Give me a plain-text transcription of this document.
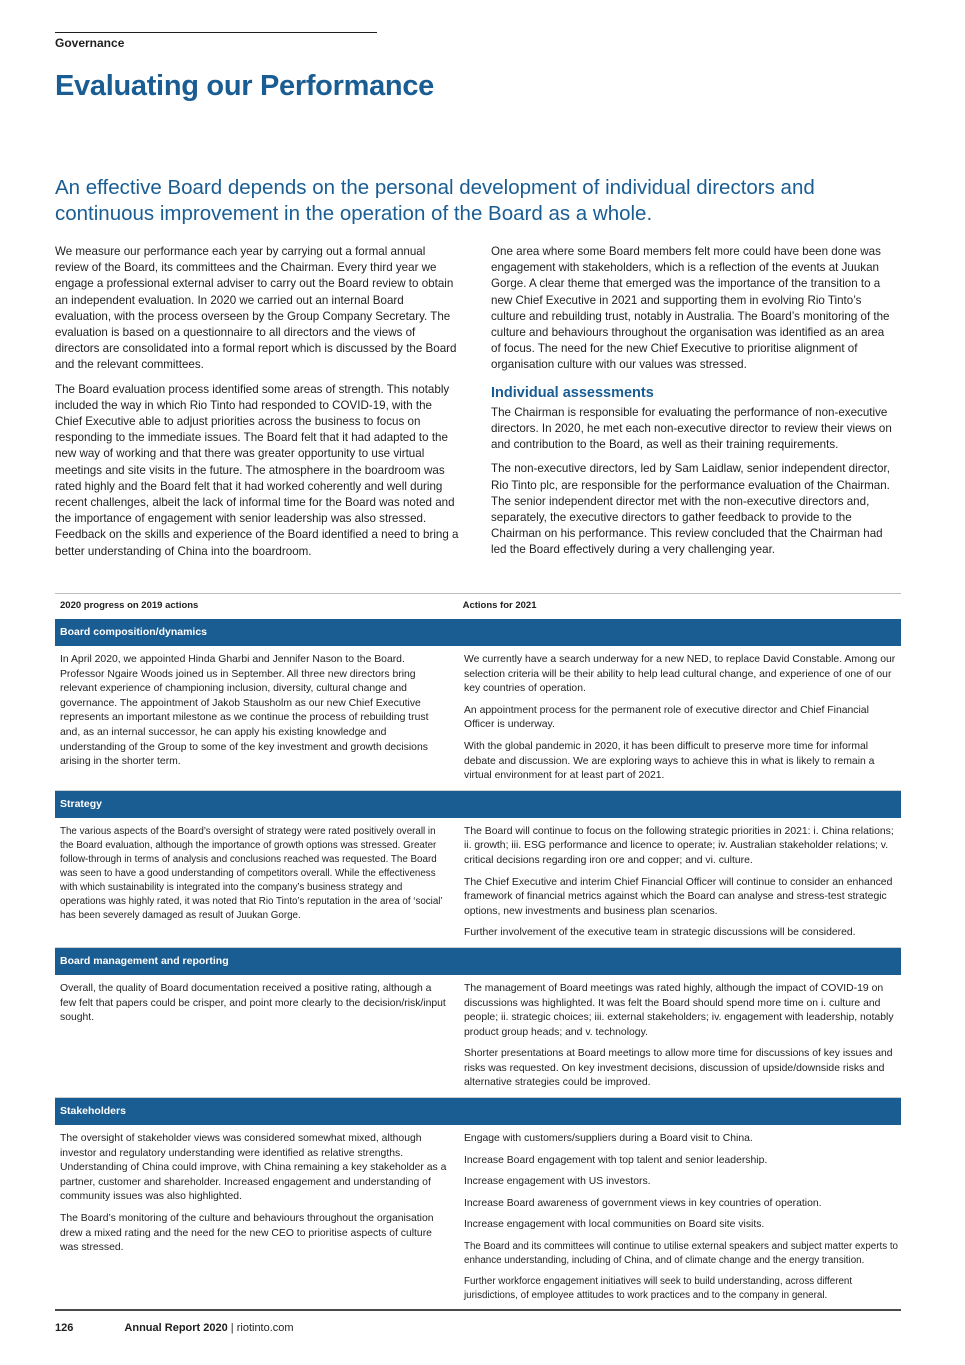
Governance
Evaluating our Performance
An effective Board depends on the personal development of individual directors and continuous improvement in the operation of the Board as a whole.

We measure our performance each year by carrying out a formal annual review of the Board, its committees and the Chairman. Every third year we engage a professional external adviser to carry out the Board review to obtain an independent evaluation. In 2020 we carried out an internal Board evaluation, with the process overseen by the Group Company Secretary. The evaluation is based on a questionnaire to all directors and the views of directors are consolidated into a formal report which is discussed by the Board and the relevant committees.

The Board evaluation process identified some areas of strength. This notably included the way in which Rio Tinto had responded to COVID-19, with the Chief Executive able to adjust priorities across the business to focus on responding to the immediate issues. The Board felt that it had adapted to the new way of working and that there was greater opportunity to use virtual meetings and site visits in the future. The atmosphere in the boardroom was rated highly and the Board felt that it had worked coherently and well during recent challenges, albeit the lack of informal time for the Board was noted and the importance of engagement with senior leadership was also stressed. Feedback on the skills and experience of the Board identified a need to bring a better understanding of China into the boardroom.

One area where some Board members felt more could have been done was engagement with stakeholders, which is a reflection of the events at Juukan Gorge. A clear theme that emerged was the importance of the transition to a new Chief Executive in 2021 and supporting them in evolving Rio Tinto’s culture and rebuilding trust, notably in Australia. The Board’s monitoring of the culture and behaviours throughout the organisation was identified as an area of focus. The need for the new Chief Executive to prioritise alignment of organisation culture with our values was stressed.

Individual assessments

The Chairman is responsible for evaluating the performance of non-executive directors. In 2020, he met each non-executive director to review their views on and contribution to the Board, as well as their training requirements.

The non-executive directors, led by Sam Laidlaw, senior independent director, Rio Tinto plc, are responsible for the performance evaluation of the Chairman. The senior independent director met with the non-executive directors and, separately, the executive directors to gather feedback to provide to the Chairman on his performance. This review concluded that the Chairman had led the Board effectively during a very challenging year.

2020 progress on 2019 actions	Actions for 2021
Board composition/dynamics

In April 2020, we appointed Hinda Gharbi and Jennifer Nason to the Board. Professor Ngaire Woods joined us in September. All three new directors bring relevant experience of championing inclusion, diversity, cultural change and governance. The appointment of Jakob Stausholm as our new Chief Executive represents an important milestone as we continue the process of rebuilding trust and, as an internal successor, he can apply his existing knowledge and understanding of the Group to some of the key investment and growth decisions arising in the shorter term.

We currently have a search underway for a new NED, to replace David Constable. Among our selection criteria will be their ability to help lead cultural change, and experience of one of our key countries of operation.

An appointment process for the permanent role of executive director and Chief Financial Officer is underway.

With the global pandemic in 2020, it has been difficult to preserve more time for informal debate and discussion. We are exploring ways to achieve this in what is likely to remain a virtual environment for at least part of 2021.

Strategy

The various aspects of the Board’s oversight of strategy were rated positively overall in the Board evaluation, although the importance of growth options was stressed. Greater follow-through in terms of analysis and conclusions reached was requested. The Board was seen to have a good understanding of competitors overall. While the effectiveness with which sustainability is integrated into the company’s business strategy and operations was highly rated, it was noted that Rio Tinto’s reputation in the area of ‘social’ has been severely damaged as result of Juukan Gorge.

The Board will continue to focus on the following strategic priorities in 2021: i. China relations; ii. growth; iii. ESG performance and licence to operate; iv. Australian stakeholder relations; v. critical decisions regarding iron ore and copper; and vi. culture.

The Chief Executive and interim Chief Financial Officer will continue to consider an enhanced framework of financial metrics against which the Board can analyse and stress-test strategic options, new investments and business plan scenarios.

Further involvement of the executive team in strategic discussions will be considered.

Board management and reporting

Overall, the quality of Board documentation received a positive rating, although a few felt that papers could be crisper, and point more clearly to the decision/risk/input sought.

The management of Board meetings was rated highly, although the impact of COVID-19 on discussions was highlighted. It was felt the Board should spend more time on i. culture and people; ii. strategic choices; iii. external stakeholders; iv. engagement with leadership, notably product group heads; and v. technology.

Shorter presentations at Board meetings to allow more time for discussions of key issues and risks was requested. On key investment decisions, discussion of upside/downside risks and alternative strategies could be improved.

Stakeholders

The oversight of stakeholder views was considered somewhat mixed, although investor and regulatory understanding were identified as relative strengths. Understanding of China could improve, with China remaining a key stakeholder as a partner, customer and shareholder. Increased engagement and understanding of community issues was also highlighted.

The Board’s monitoring of the culture and behaviours throughout the organisation drew a mixed rating and the need for the new CEO to prioritise aspects of culture was stressed.

Engage with customers/suppliers during a Board visit to China.

Increase Board engagement with top talent and senior leadership.

Increase engagement with US investors.

Increase Board awareness of government views in key countries of operation.

Increase engagement with local communities on Board site visits.

The Board and its committees will continue to utilise external speakers and subject matter experts to enhance understanding, including of China, and of climate change and the energy transition.

Further workforce engagement initiatives will seek to build understanding, across different jurisdictions, of employee attitudes to work practices and to the company in general.

126	Annual Report 2020 | riotinto.com
